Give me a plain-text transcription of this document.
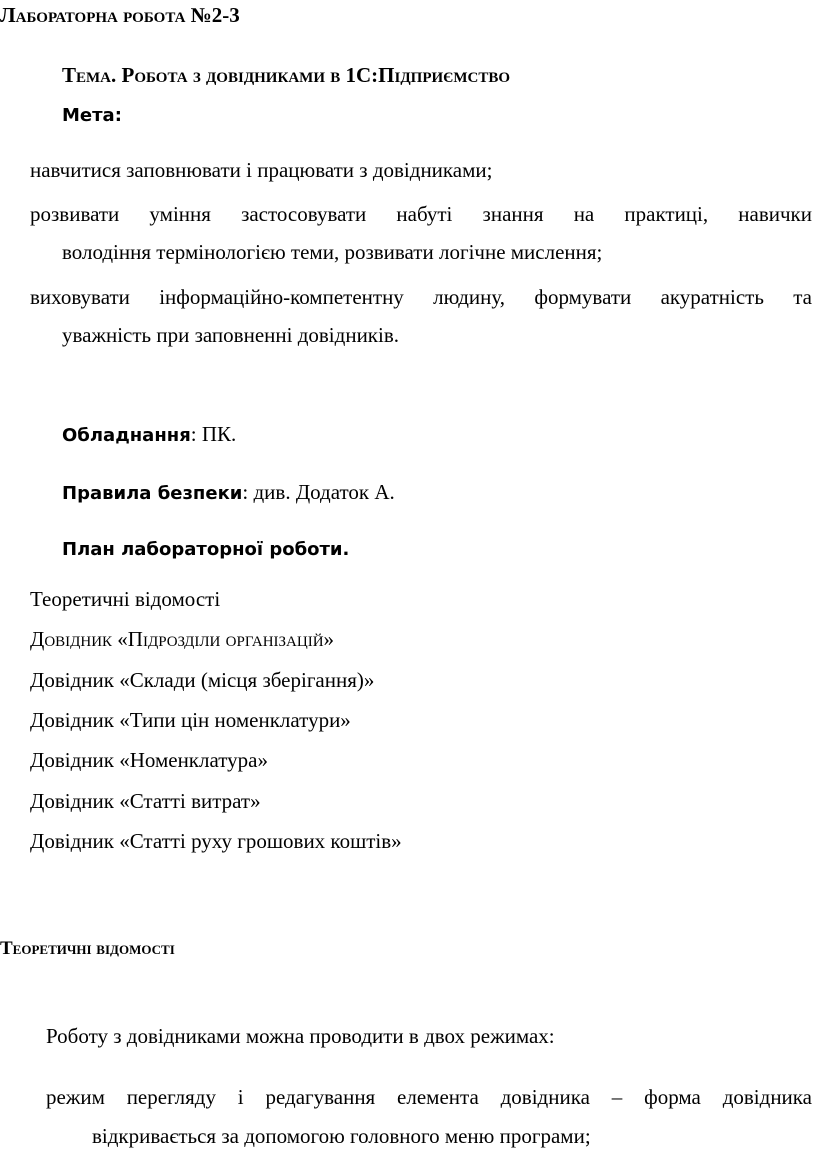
Лабораторна робота №2-3
Тема. Робота з довідниками в 1С:Підприємство
Мета:
навчитися заповнювати і працювати з довідниками;
розвивати уміння застосовувати набуті знання на практиці, навички
володіння термінологією теми, розвивати логічне мислення;
виховувати інформаційно-компетентну людину, формувати акуратність та
уважність при заповненні довідників.
Обладнання: ПК.
Правила безпеки: див. Додаток А.
План лабораторної роботи.
Теоретичні відомості
Довідник «Підрозділи організацій»
Довідник «Склади (місця зберігання)»
Довідник «Типи цін номенклатури»
Довідник «Номенклатура»
Довідник «Статті витрат»
Довідник «Статті руху грошових коштів»
Теоретичні відомості
Роботу з довідниками можна проводити в двох режимах:
режим перегляду і редагування елемента довідника – форма довідника
відкривається за допомогою головного меню програми;
